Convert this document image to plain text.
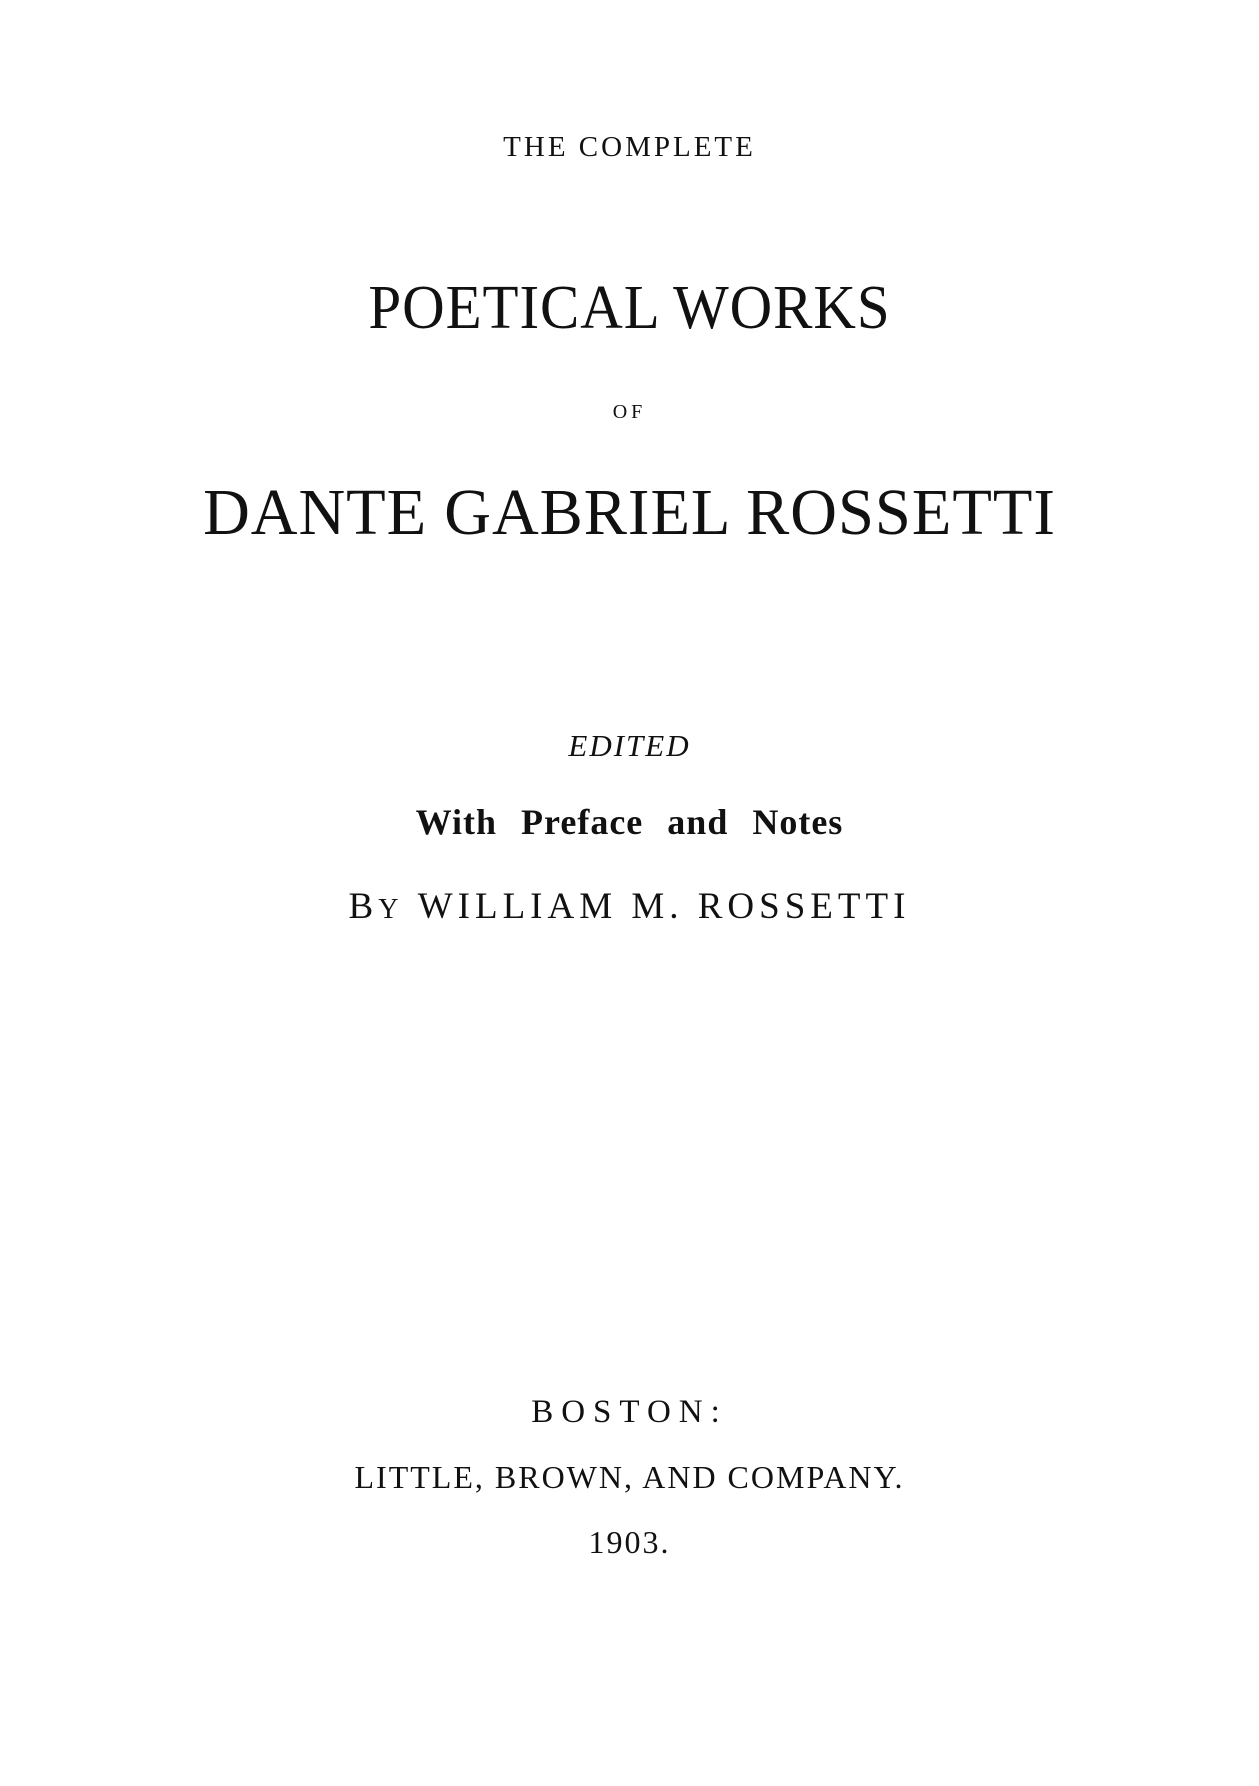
THE COMPLETE
POETICAL WORKS
OF
DANTE GABRIEL ROSSETTI
EDITED
With Preface and Notes
BY WILLIAM M. ROSSETTI
BOSTON:
LITTLE, BROWN, AND COMPANY.
1903.
